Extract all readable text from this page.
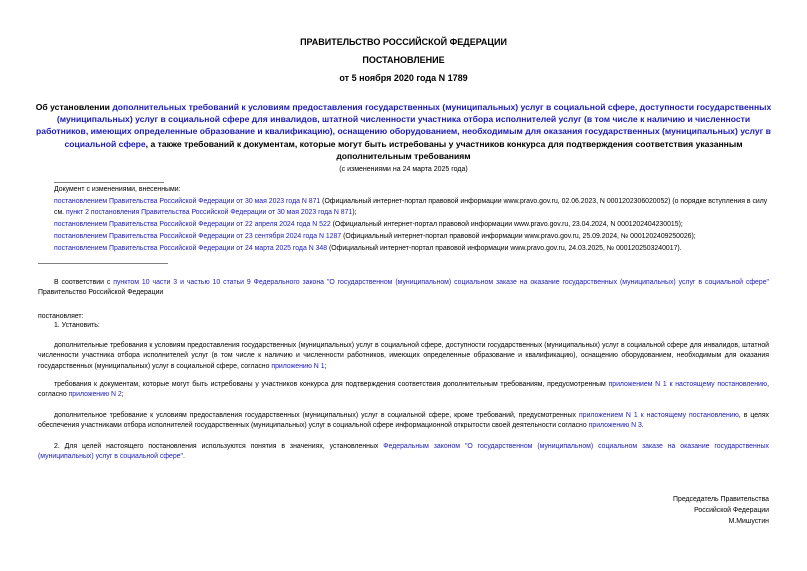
ПРАВИТЕЛЬСТВО РОССИЙСКОЙ ФЕДЕРАЦИИ
ПОСТАНОВЛЕНИЕ
от 5 ноября 2020 года N 1789
Об установлении дополнительных требований к условиям предоставления государственных (муниципальных) услуг в социальной сфере, доступности государственных (муниципальных) услуг в социальной сфере для инвалидов, штатной численности участника отбора исполнителей услуг (в том числе к наличию и численности работников, имеющих определенные образование и квалификацию), оснащению оборудованием, необходимым для оказания государственных (муниципальных) услуг в социальной сфере, а также требований к документам, которые могут быть истребованы у участников конкурса для подтверждения соответствия указанным дополнительным требованиям
(с изменениями на 24 марта 2025 года)

Документ с изменениями, внесенными:

постановлением Правительства Российской Федерации от 30 мая 2023 года N 871 (Официальный интернет-портал правовой информации www.pravo.gov.ru, 02.06.2023, N 0001202306020052) (о порядке вступления в силу см. пункт 2 постановления Правительства Российской Федерации от 30 мая 2023 года N 871);

постановлением Правительства Российской Федерации от 22 апреля 2024 года N 522 (Официальный интернет-портал правовой информации www.pravo.gov.ru, 23.04.2024, N 0001202404230015);

постановлением Правительства Российской Федерации от 23 сентября 2024 года N 1287 (Официальный интернет-портал правовой информации www.pravo.gov.ru, 25.09.2024, № 0001202409250026);

постановлением Правительства Российской Федерации от 24 марта 2025 года N 348 (Официальный интернет-портал правовой информации www.pravo.gov.ru, 24.03.2025, № 0001202503240017).

В соответствии с пунктом 10 части 3 и частью 10 статьи 9 Федерального закона "О государственном (муниципальном) социальном заказе на оказание государственных (муниципальных) услуг в социальной сфере" Правительство Российской Федерации
постановляет:
1. Установить:
дополнительные требования к условиям предоставления государственных (муниципальных) услуг в социальной сфере, доступности государственных (муниципальных) услуг в социальной сфере для инвалидов, штатной численности участника отбора исполнителей услуг (в том числе к наличию и численности работников, имеющих определенные образование и квалификацию), оснащению оборудованием, необходимым для оказания государственных (муниципальных) услуг в социальной сфере, согласно приложению N 1;
требования к документам, которые могут быть истребованы у участников конкурса для подтверждения соответствия дополнительным требованиям, предусмотренным приложением N 1 к настоящему постановлению, согласно приложению N 2;
дополнительное требование к условиям предоставления государственных (муниципальных) услуг в социальной сфере, кроме требований, предусмотренных приложением N 1 к настоящему постановлению, в целях обеспечения участниками отбора исполнителей государственных (муниципальных) услуг в социальной сфере информационной открытости своей деятельности согласно приложению N 3.
2. Для целей настоящего постановления используются понятия в значениях, установленных Федеральным законом "О государственном (муниципальном) социальном заказе на оказание государственных (муниципальных) услуг в социальной сфере".
Председатель Правительства
Российской Федерации
М.Мишустин
